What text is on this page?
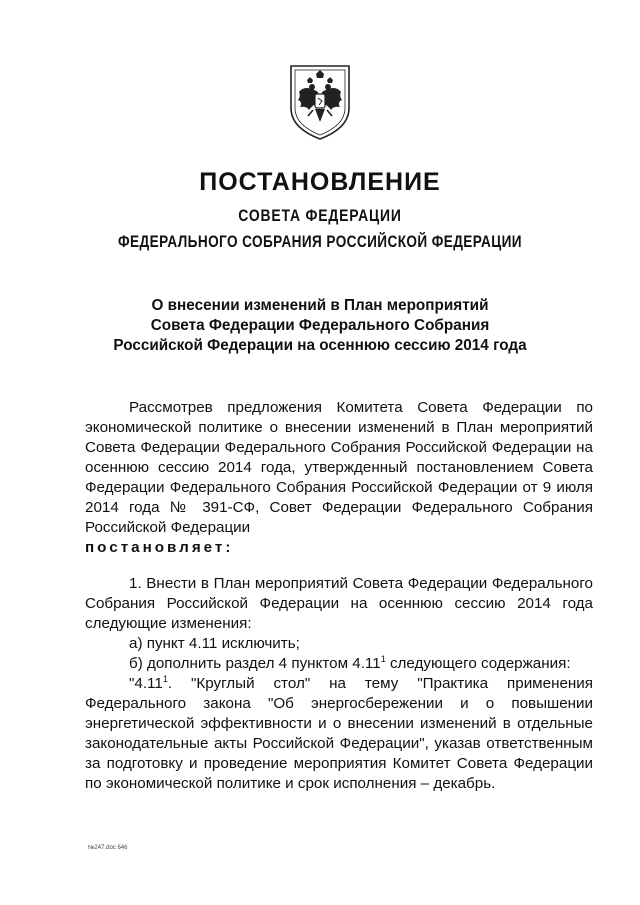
ПОСТАНОВЛЕНИЕ
СОВЕТА ФЕДЕРАЦИИ
ФЕДЕРАЛЬНОГО СОБРАНИЯ РОССИЙСКОЙ ФЕДЕРАЦИИ
О внесении изменений в План мероприятий
Совета Федерации Федерального Собрания
Российской Федерации на осеннюю сессию 2014 года

Рассмотрев предложения Комитета Совета Федерации по экономической политике о внесении изменений в План мероприятий Совета Федерации Федерального Собрания Российской Федерации на осеннюю сессию 2014 года, утвержденный постановлением Совета Федерации Федерального Собрания Российской Федерации от 9 июля 2014 года № 391-СФ, Совет Федерации Федерального Собрания Российской Федерации

постановляет:

1. Внести в План мероприятий Совета Федерации Федерального Собрания Российской Федерации на осеннюю сессию 2014 года следующие изменения:

а) пункт 4.11 исключить;

б) дополнить раздел 4 пунктом 4.11$^1$ следующего содержания:

"4.11$^1$. "Круглый стол" на тему "Практика применения Федерального закона "Об энергосбережении и о повышении энергетической эффективности и о внесении изменений в отдельные законодательные акты Российской Федерации", указав ответственным за подготовку и проведение мероприятия Комитет Совета Федерации по экономической политике и срок исполнения – декабрь.

№247.doc 646
